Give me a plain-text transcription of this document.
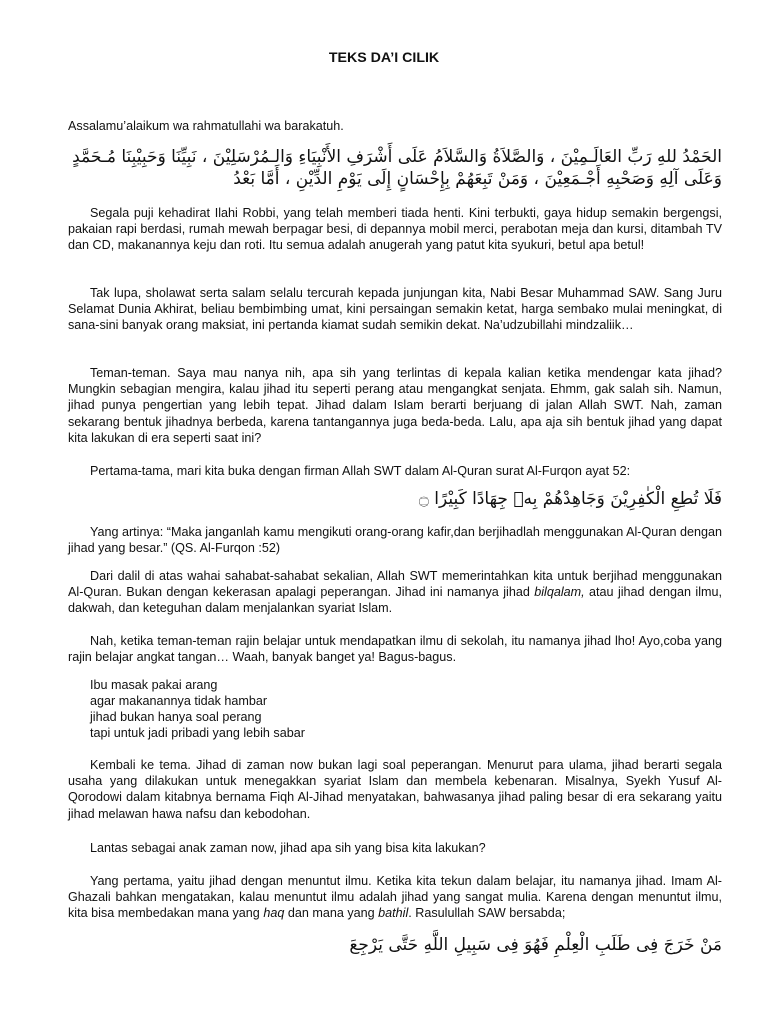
TEKS DA’I CILIK

Assalamu’alaikum wa rahmatullahi wa barakatuh.

الحَمْدُ للهِ رَبِّ العَالَـمِيْنَ ، وَالصَّلاَةُ وَالسَّلاَمُ عَلَى أَشْرَفِ الأَنْبِيَاءِ وَالـمُرْسَلِيْنَ ، نَبِيِّنَا وَحَبِيْبِنَا مُـحَمَّدٍ

وَعَلَى آلِهِ وَصَحْبِهِ أَجْـمَعِيْنَ ، وَمَنْ تَبِعَهُمْ بِإِحْسَانٍ إِلَى يَوْمِ الدِّيْنِ ، أَمَّا بَعْدُ

Segala puji kehadirat Ilahi Robbi, yang telah memberi tiada henti. Kini terbukti, gaya hidup semakin bergengsi, pakaian rapi berdasi, rumah mewah berpagar besi, di depannya mobil merci, perabotan meja dan kursi, ditambah TV dan CD, makanannya keju dan roti. Itu semua adalah anugerah yang patut kita syukuri, betul apa betul!

Tak lupa, sholawat serta salam selalu tercurah kepada junjungan kita, Nabi Besar Muhammad SAW. Sang Juru Selamat Dunia Akhirat, beliau bembimbing umat, kini persaingan semakin ketat, harga sembako mulai meningkat, di sana-sini banyak orang maksiat, ini pertanda kiamat sudah semikin dekat. Na’udzubillahi mindzaliik…

Teman-teman. Saya mau nanya nih, apa sih yang terlintas di kepala kalian ketika mendengar kata jihad? Mungkin sebagian mengira, kalau jihad itu seperti perang atau mengangkat senjata. Ehmm, gak salah sih. Namun, jihad punya pengertian yang lebih tepat. Jihad dalam Islam berarti berjuang di jalan Allah SWT. Nah, zaman sekarang bentuk jihadnya berbeda, karena tantangannya juga beda-beda. Lalu, apa aja sih bentuk jihad yang dapat kita lakukan di era seperti saat ini?

Pertama-tama, mari kita buka dengan firman Allah SWT dalam Al-Quran surat Al-Furqon ayat 52:

فَلَا تُطِعِ الْكٰفِرِيْنَ وَجَاهِدْهُمْ بِهٖ جِهَادًا كَبِيْرًا ۝

Yang artinya: “Maka janganlah kamu mengikuti orang-orang kafir,dan berjihadlah menggunakan Al-Quran dengan jihad yang besar.” (QS. Al-Furqon :52)

Dari dalil di atas wahai sahabat-sahabat sekalian, Allah SWT memerintahkan kita untuk berjihad menggunakan Al-Quran. Bukan dengan kekerasan apalagi peperangan. Jihad ini namanya jihad bilqalam, atau jihad dengan ilmu, dakwah, dan keteguhan dalam menjalankan syariat Islam.

Nah, ketika teman-teman rajin belajar untuk mendapatkan ilmu di sekolah, itu namanya jihad lho! Ayo,coba yang rajin belajar angkat tangan… Waah, banyak banget ya! Bagus-bagus.

Ibu masak pakai arang
agar makanannya tidak hambar
jihad bukan hanya soal perang
tapi untuk jadi pribadi yang lebih sabar

Kembali ke tema. Jihad di zaman now bukan lagi soal peperangan. Menurut para ulama, jihad berarti segala usaha yang dilakukan untuk menegakkan syariat Islam dan membela kebenaran. Misalnya, Syekh Yusuf Al-Qorodowi dalam kitabnya bernama Fiqh Al-Jihad menyatakan, bahwasanya jihad paling besar di era sekarang yaitu jihad melawan hawa nafsu dan kebodohan.

Lantas sebagai anak zaman now, jihad apa sih yang bisa kita lakukan?

Yang pertama, yaitu jihad dengan menuntut ilmu. Ketika kita tekun dalam belajar, itu namanya jihad. Imam Al-Ghazali bahkan mengatakan, kalau menuntut ilmu adalah jihad yang sangat mulia. Karena dengan menuntut ilmu, kita bisa membedakan mana yang haq dan mana yang bathil. Rasulullah SAW bersabda;

مَنْ خَرَجَ فِى طَلَبِ الْعِلْمِ فَهُوَ فِى سَبِيلِ اللَّهِ حَتَّى يَرْجِعَ
